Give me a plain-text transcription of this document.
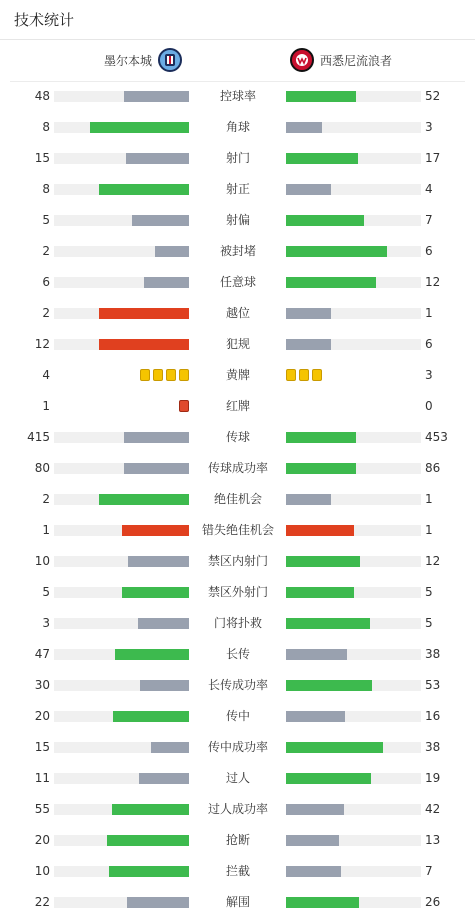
技术统计
墨尔本城	西悉尼流浪者
48	控球率	52
8	角球	3
15	射门	17
8	射正	4
5	射偏	7
2	被封堵	6
6	任意球	12
2	越位	1
12	犯规	6
4	黄牌	3
1	红牌	0
415	传球	453
80	传球成功率	86
2	绝佳机会	1
1	错失绝佳机会	1
10	禁区内射门	12
5	禁区外射门	5
3	门将扑救	5
47	长传	38
30	长传成功率	53
20	传中	16
15	传中成功率	38
11	过人	19
55	过人成功率	42
20	抢断	13
10	拦截	7
22	解围	26
